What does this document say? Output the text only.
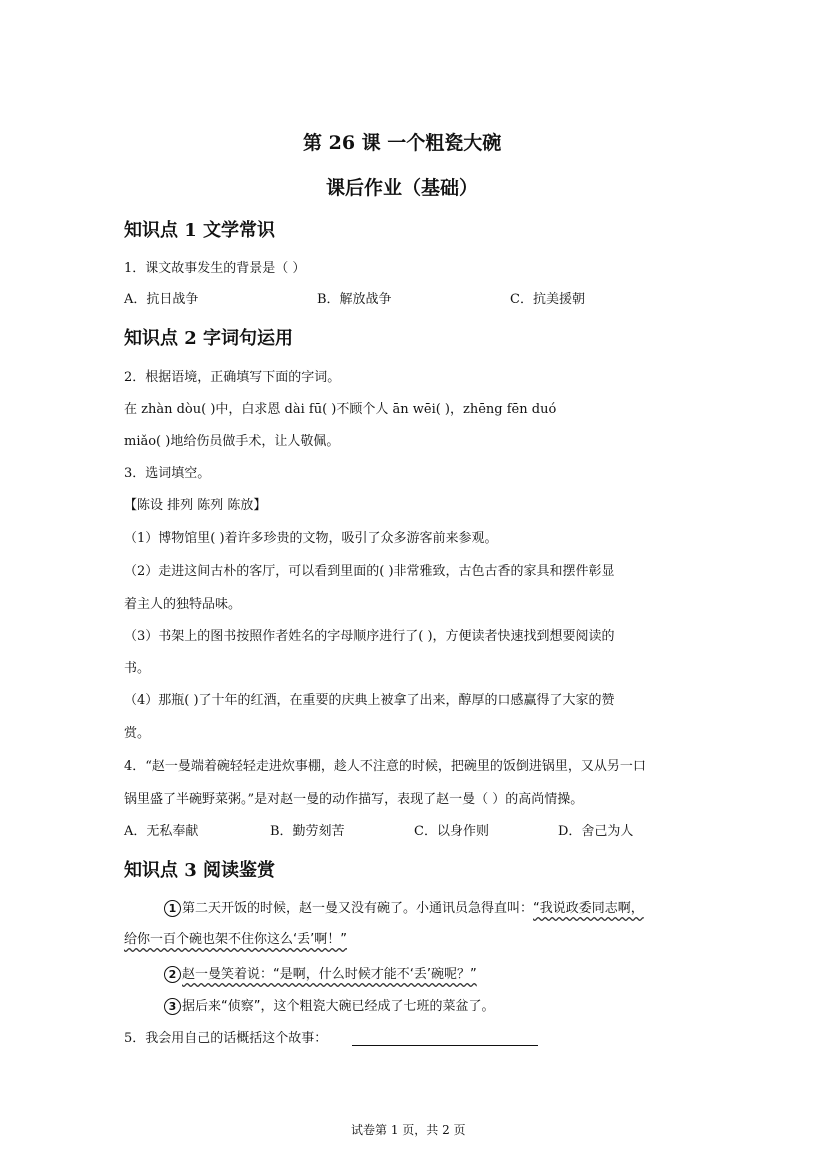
第 26 课 一个粗瓷大碗
课后作业（基础）
知识点 1 文学常识
1．课文故事发生的背景是（ ）
A．抗日战争	B．解放战争	C．抗美援朝
知识点 2 字词句运用
2．根据语境，正确填写下面的字词。
在 zhàn dòu( )中，白求恩 dài fū( )不顾个人 ān wēi( )，zhēng fēn duó
miǎo( )地给伤员做手术，让人敬佩。
3．选词填空。
【陈设 排列 陈列 陈放】
（1）博物馆里( )着许多珍贵的文物，吸引了众多游客前来参观。
（2）走进这间古朴的客厅，可以看到里面的( )非常雅致，古色古香的家具和摆件彰显
着主人的独特品味。
（3）书架上的图书按照作者姓名的字母顺序进行了( )，方便读者快速找到想要阅读的
书。
（4）那瓶( )了十年的红酒，在重要的庆典上被拿了出来，醇厚的口感赢得了大家的赞
赏。
4．“赵一曼端着碗轻轻走进炊事棚，趁人不注意的时候，把碗里的饭倒进锅里，又从另一口
锅里盛了半碗野菜粥。”是对赵一曼的动作描写，表现了赵一曼（ ）的高尚情操。
A．无私奉献	B．勤劳刻苦	C．以身作则	D．舍己为人
知识点 3 阅读鉴赏
1 第二天开饭的时候，赵一曼又没有碗了。小通讯员急得直叫：“我说政委同志啊，
给你一百个碗也架不住你这么‘丢’啊！”
2 赵一曼笑着说：“是啊，什么时候才能不‘丢’碗呢？”
3 据后来“侦察”，这个粗瓷大碗已经成了七班的菜盆了。
5．我会用自己的话概括这个故事：
试卷第 1 页，共 2 页
